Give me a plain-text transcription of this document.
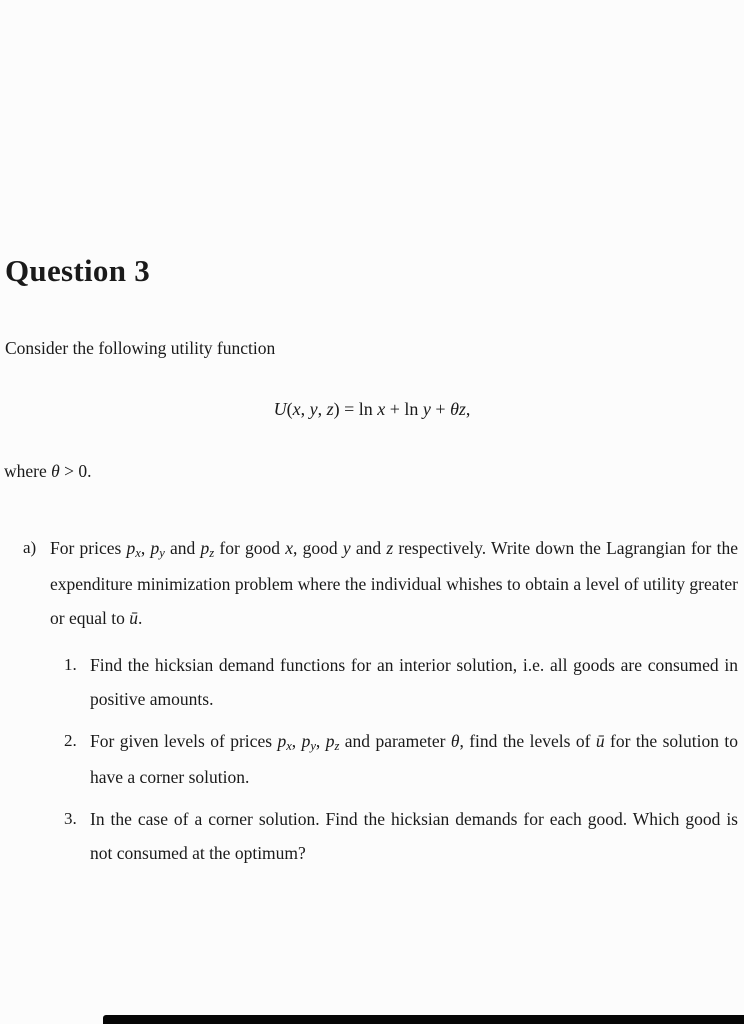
Question 3
Consider the following utility function
U(x, y, z) = ln x + ln y + θz,
where θ > 0.
a) For prices px, py and pz for good x, good y and z respectively. Write down the Lagrangian for the expenditure minimization problem where the individual whishes to obtain a level of utility greater or equal to ū.
1. Find the hicksian demand functions for an interior solution, i.e. all goods are consumed in positive amounts.
2. For given levels of prices px, py, pz and parameter θ, find the levels of ū for the solution to have a corner solution.
3. In the case of a corner solution. Find the hicksian demands for each good. Which good is not consumed at the optimum?
